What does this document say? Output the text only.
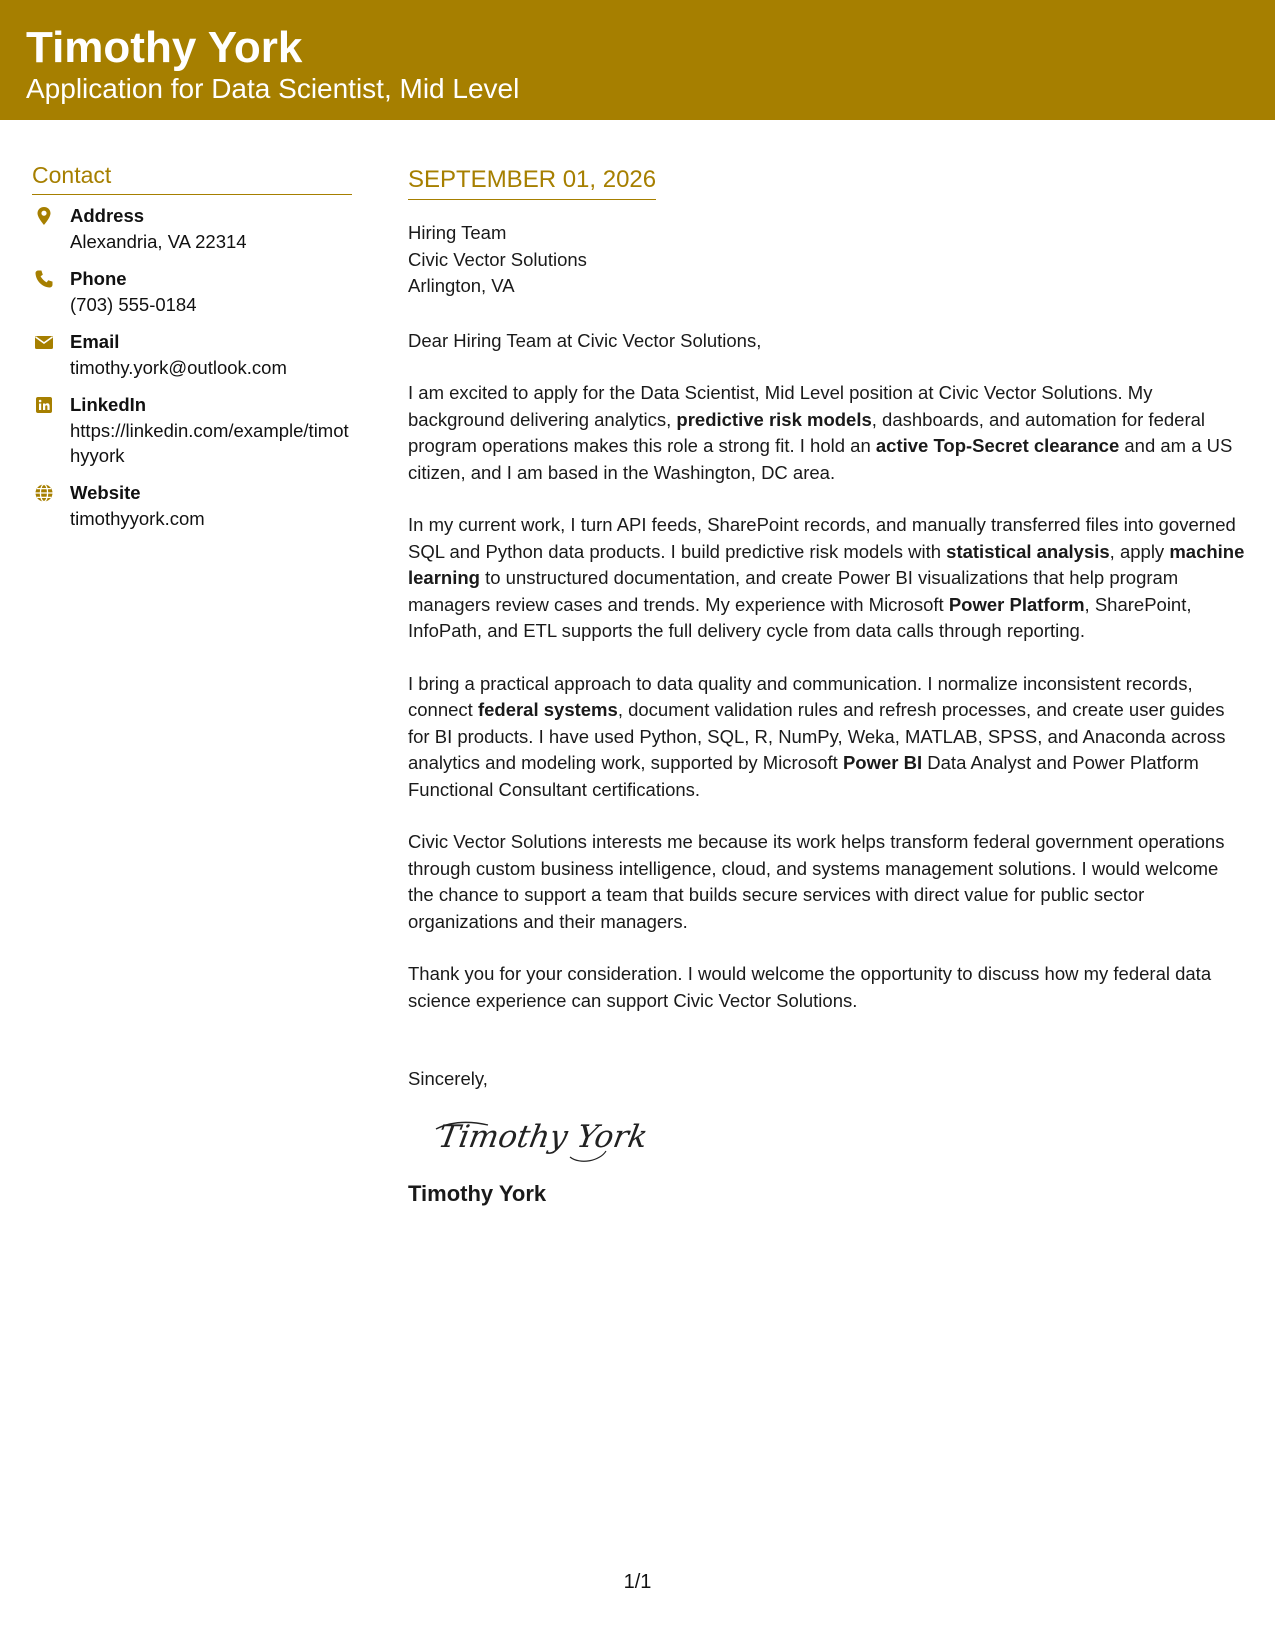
Timothy York
Application for Data Scientist, Mid Level
Contact
Address
Alexandria, VA 22314
Phone
(703) 555-0184
Email
timothy.york@outlook.com
LinkedIn
https://linkedin.com/example/timothyyork
Website
timothyyork.com
SEPTEMBER 01, 2026
Hiring Team
Civic Vector Solutions
Arlington, VA
Dear Hiring Team at Civic Vector Solutions,
I am excited to apply for the Data Scientist, Mid Level position at Civic Vector Solutions. My background delivering analytics, predictive risk models, dashboards, and automation for federal program operations makes this role a strong fit. I hold an active Top-Secret clearance and am a US citizen, and I am based in the Washington, DC area.
In my current work, I turn API feeds, SharePoint records, and manually transferred files into governed SQL and Python data products. I build predictive risk models with statistical analysis, apply machine learning to unstructured documentation, and create Power BI visualizations that help program managers review cases and trends. My experience with Microsoft Power Platform, SharePoint, InfoPath, and ETL supports the full delivery cycle from data calls through reporting.
I bring a practical approach to data quality and communication. I normalize inconsistent records, connect federal systems, document validation rules and refresh processes, and create user guides for BI products. I have used Python, SQL, R, NumPy, Weka, MATLAB, SPSS, and Anaconda across analytics and modeling work, supported by Microsoft Power BI Data Analyst and Power Platform Functional Consultant certifications.
Civic Vector Solutions interests me because its work helps transform federal government operations through custom business intelligence, cloud, and systems management solutions. I would welcome the chance to support a team that builds secure services with direct value for public sector organizations and their managers.
Thank you for your consideration. I would welcome the opportunity to discuss how my federal data science experience can support Civic Vector Solutions.
Sincerely,
Timothy York
Timothy York
1/1
